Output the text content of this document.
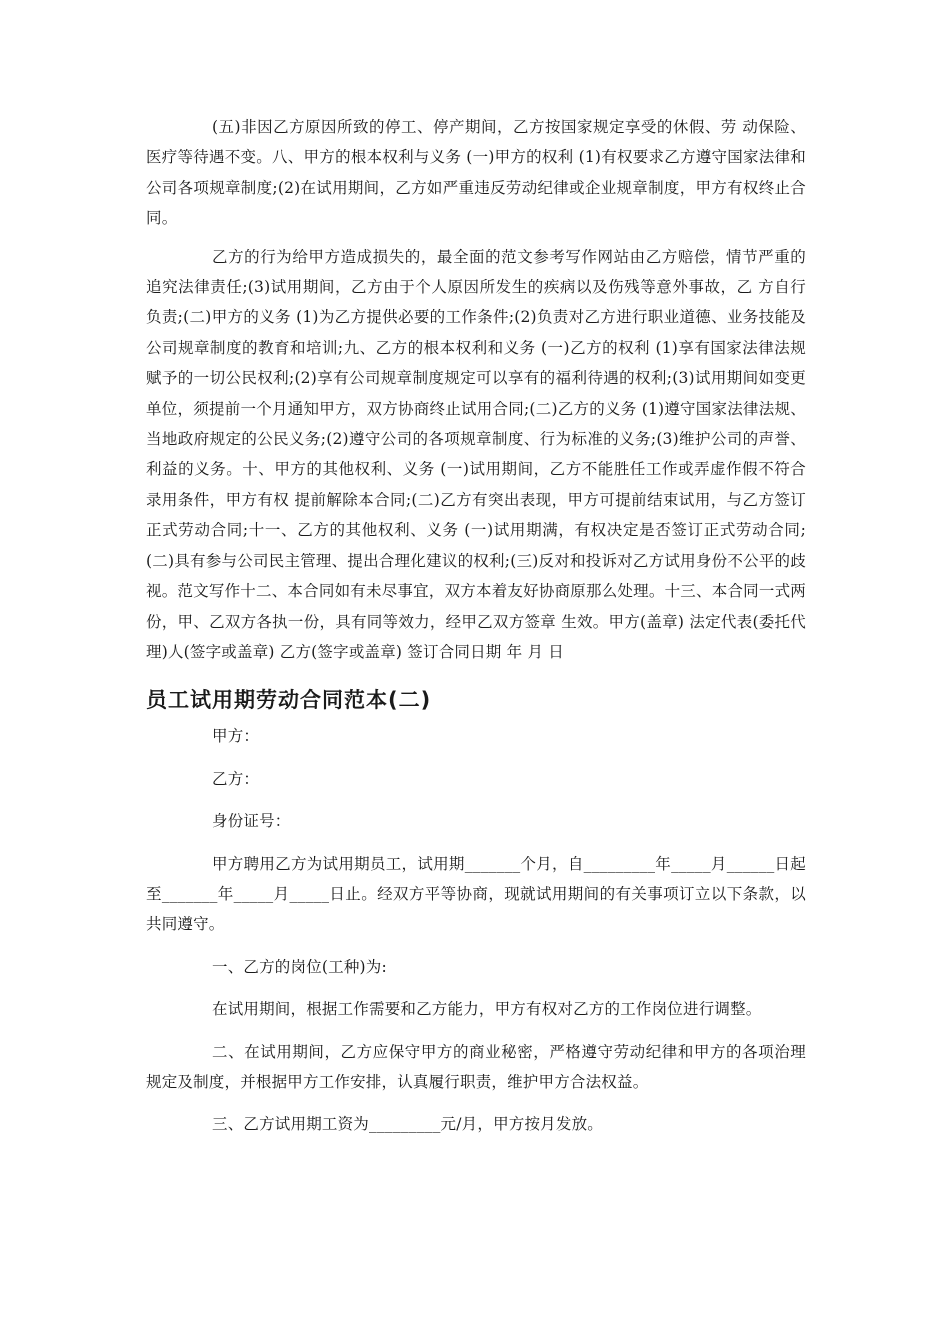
(五)非因乙方原因所致的停工、停产期间，乙方按国家规定享受的休假、劳 动保险、医疗等待遇不变。八、甲方的根本权利与义务 (一)甲方的权利 (1)有权要求乙方遵守国家法律和公司各项规章制度;(2)在试用期间，乙方如严重违反劳动纪律或企业规章制度，甲方有权终止合同。

乙方的行为给甲方造成损失的，最全面的范文参考写作网站由乙方赔偿，情节严重的追究法律责任;(3)试用期间，乙方由于个人原因所发生的疾病以及伤残等意外事故，乙 方自行负责;(二)甲方的义务 (1)为乙方提供必要的工作条件;(2)负责对乙方进行职业道德、业务技能及公司规章制度的教育和培训;九、乙方的根本权利和义务 (一)乙方的权利 (1)享有国家法律法规赋予的一切公民权利;(2)享有公司规章制度规定可以享有的福利待遇的权利;(3)试用期间如变更单位，须提前一个月通知甲方，双方协商终止试用合同;(二)乙方的义务 (1)遵守国家法律法规、当地政府规定的公民义务;(2)遵守公司的各项规章制度、行为标准的义务;(3)维护公司的声誉、利益的义务。十、甲方的其他权利、义务 (一)试用期间，乙方不能胜任工作或弄虚作假不符合录用条件，甲方有权 提前解除本合同;(二)乙方有突出表现，甲方可提前结束试用，与乙方签订正式劳动合同;十一、乙方的其他权利、义务 (一)试用期满，有权决定是否签订正式劳动合同;(二)具有参与公司民主管理、提出合理化建议的权利;(三)反对和投诉对乙方试用身份不公平的歧视。范文写作十二、本合同如有未尽事宜，双方本着友好协商原那么处理。十三、本合同一式两份，甲、乙双方各执一份，具有同等效力，经甲乙双方签章 生效。甲方(盖章) 法定代表(委托代理)人(签字或盖章) 乙方(签字或盖章) 签订合同日期 年 月 日

员工试用期劳动合同范本(二)

甲方：

乙方：

身份证号：

甲方聘用乙方为试用期员工，试用期_______个月，自_________年_____月______日起至_______年_____月_____日止。经双方平等协商，现就试用期间的有关事项订立以下条款，以共同遵守。

一、乙方的岗位(工种)为:

在试用期间，根据工作需要和乙方能力，甲方有权对乙方的工作岗位进行调整。

二、在试用期间，乙方应保守甲方的商业秘密，严格遵守劳动纪律和甲方的各项治理规定及制度，并根据甲方工作安排，认真履行职责，维护甲方合法权益。

三、乙方试用期工资为_________元/月，甲方按月发放。
